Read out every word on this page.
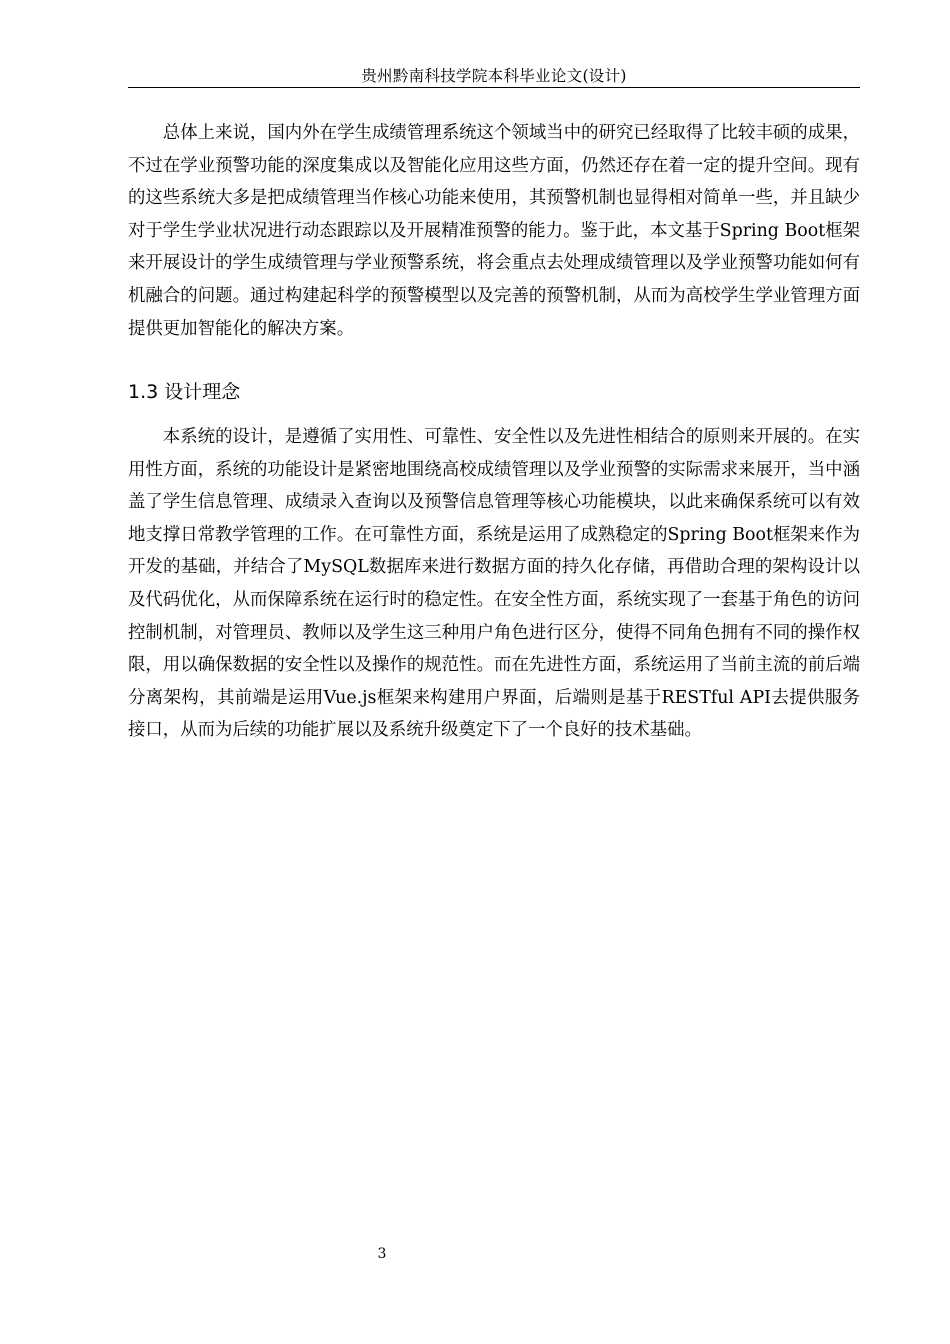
贵州黔南科技学院本科毕业论文(设计)

总体上来说，国内外在学生成绩管理系统这个领域当中的研究已经取得了比较丰硕的成果，不过在学业预警功能的深度集成以及智能化应用这些方面，仍然还存在着一定的提升空间。现有的这些系统大多是把成绩管理当作核心功能来使用，其预警机制也显得相对简单一些，并且缺少对于学生学业状况进行动态跟踪以及开展精准预警的能力。鉴于此，本文基于Spring Boot框架来开展设计的学生成绩管理与学业预警系统，将会重点去处理成绩管理以及学业预警功能如何有机融合的问题。通过构建起科学的预警模型以及完善的预警机制，从而为高校学生学业管理方面提供更加智能化的解决方案。

1.3 设计理念

本系统的设计，是遵循了实用性、可靠性、安全性以及先进性相结合的原则来开展的。在实用性方面，系统的功能设计是紧密地围绕高校成绩管理以及学业预警的实际需求来展开，当中涵盖了学生信息管理、成绩录入查询以及预警信息管理等核心功能模块，以此来确保系统可以有效地支撑日常教学管理的工作。在可靠性方面，系统是运用了成熟稳定的Spring Boot框架来作为开发的基础，并结合了MySQL数据库来进行数据方面的持久化存储，再借助合理的架构设计以及代码优化，从而保障系统在运行时的稳定性。在安全性方面，系统实现了一套基于角色的访问控制机制，对管理员、教师以及学生这三种用户角色进行区分，使得不同角色拥有不同的操作权限，用以确保数据的安全性以及操作的规范性。而在先进性方面，系统运用了当前主流的前后端分离架构，其前端是运用Vue.js框架来构建用户界面，后端则是基于RESTful API去提供服务接口，从而为后续的功能扩展以及系统升级奠定下了一个良好的技术基础。

3
